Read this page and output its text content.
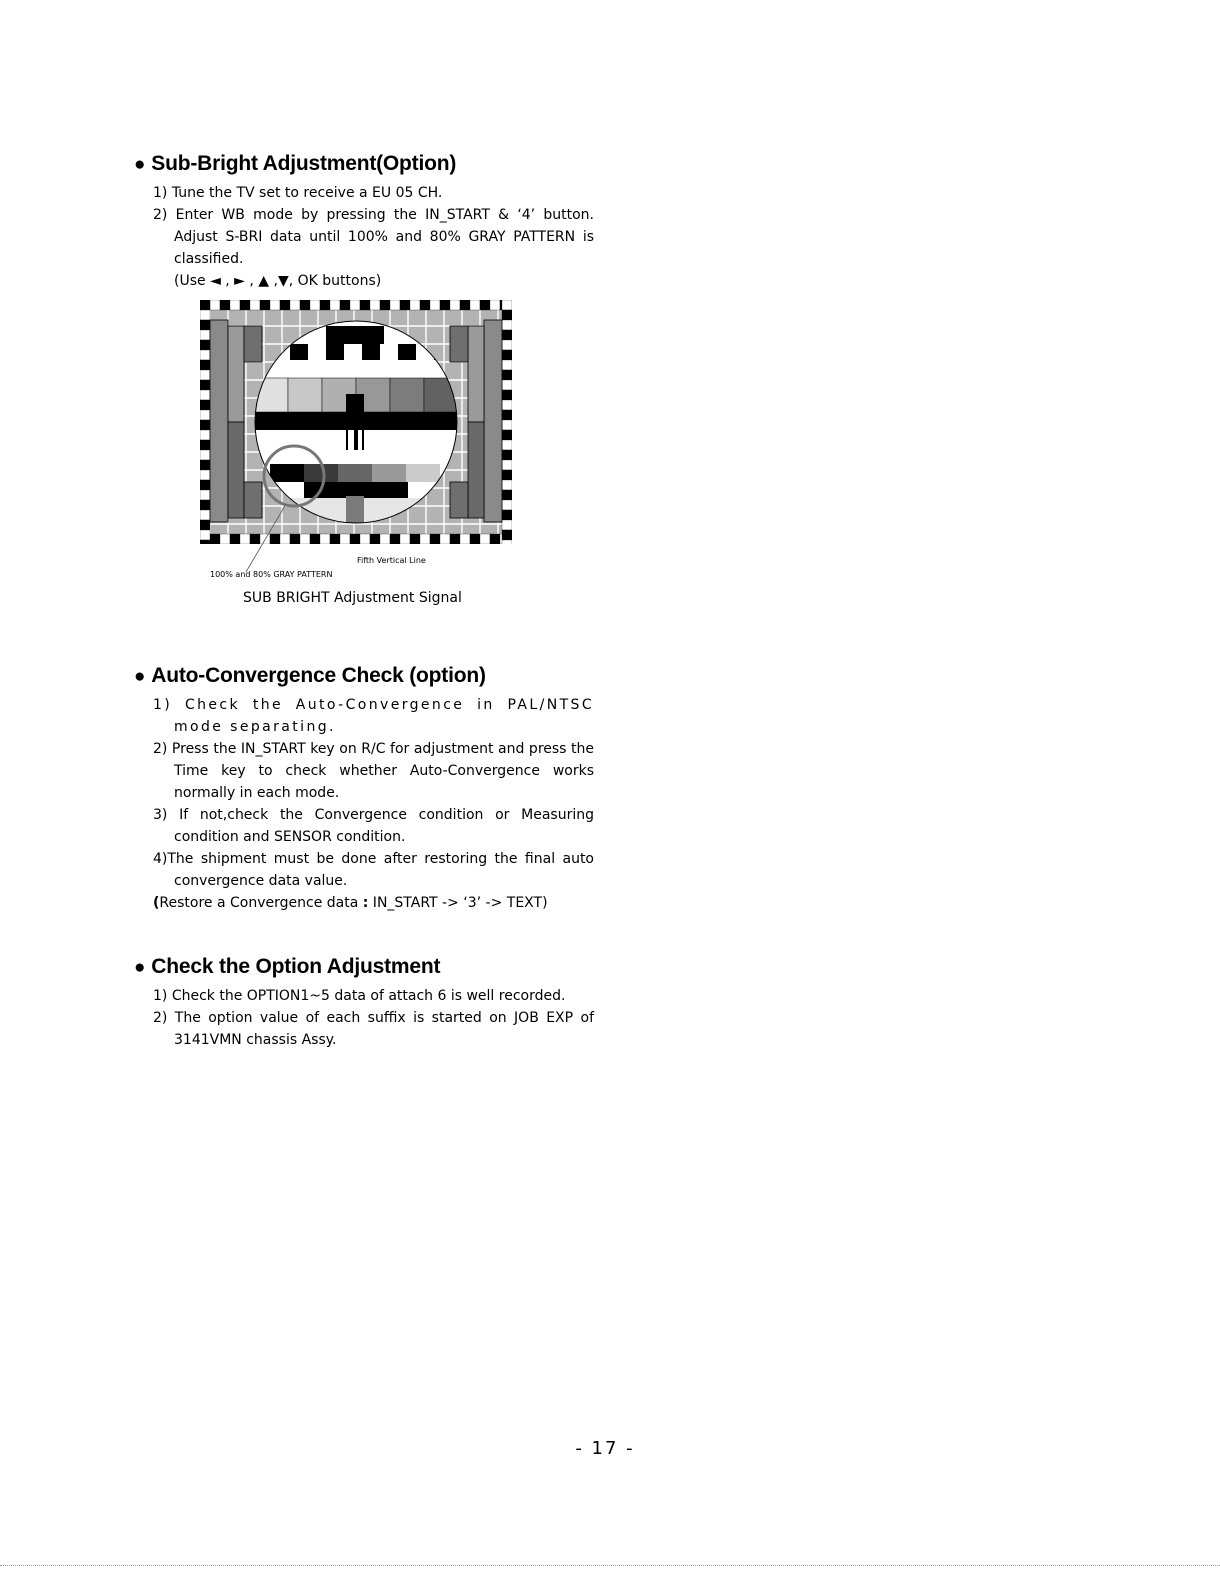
● Sub-Bright Adjustment(Option)
1) Tune the TV set to receive a EU 05 CH.
2) Enter WB mode by pressing the IN_START & ‘4’ button. Adjust S-BRI data until 100% and 80% GRAY PATTERN is classified.
(Use ◄ , ► , ▲ ,▼, OK buttons)
Fifth Vertical Line
100% and 80% GRAY PATTERN
SUB BRIGHT Adjustment Signal
● Auto-Convergence Check (option)
1) Check the Auto-Convergence in PAL/NTSC mode separating.
2) Press the IN_START key on R/C for adjustment and press the Time key to check whether Auto-Convergence works normally in each mode.
3) If not,check the Convergence condition or Measuring condition and SENSOR condition.
4)The shipment must be done after restoring the final auto convergence data value.
(Restore a Convergence data : IN_START -> ‘3’ -> TEXT)
● Check the Option Adjustment
1) Check the OPTION1~5 data of attach 6 is well recorded.
2) The option value of each suffix is started on JOB EXP of 3141VMN chassis Assy.
- 17 -
